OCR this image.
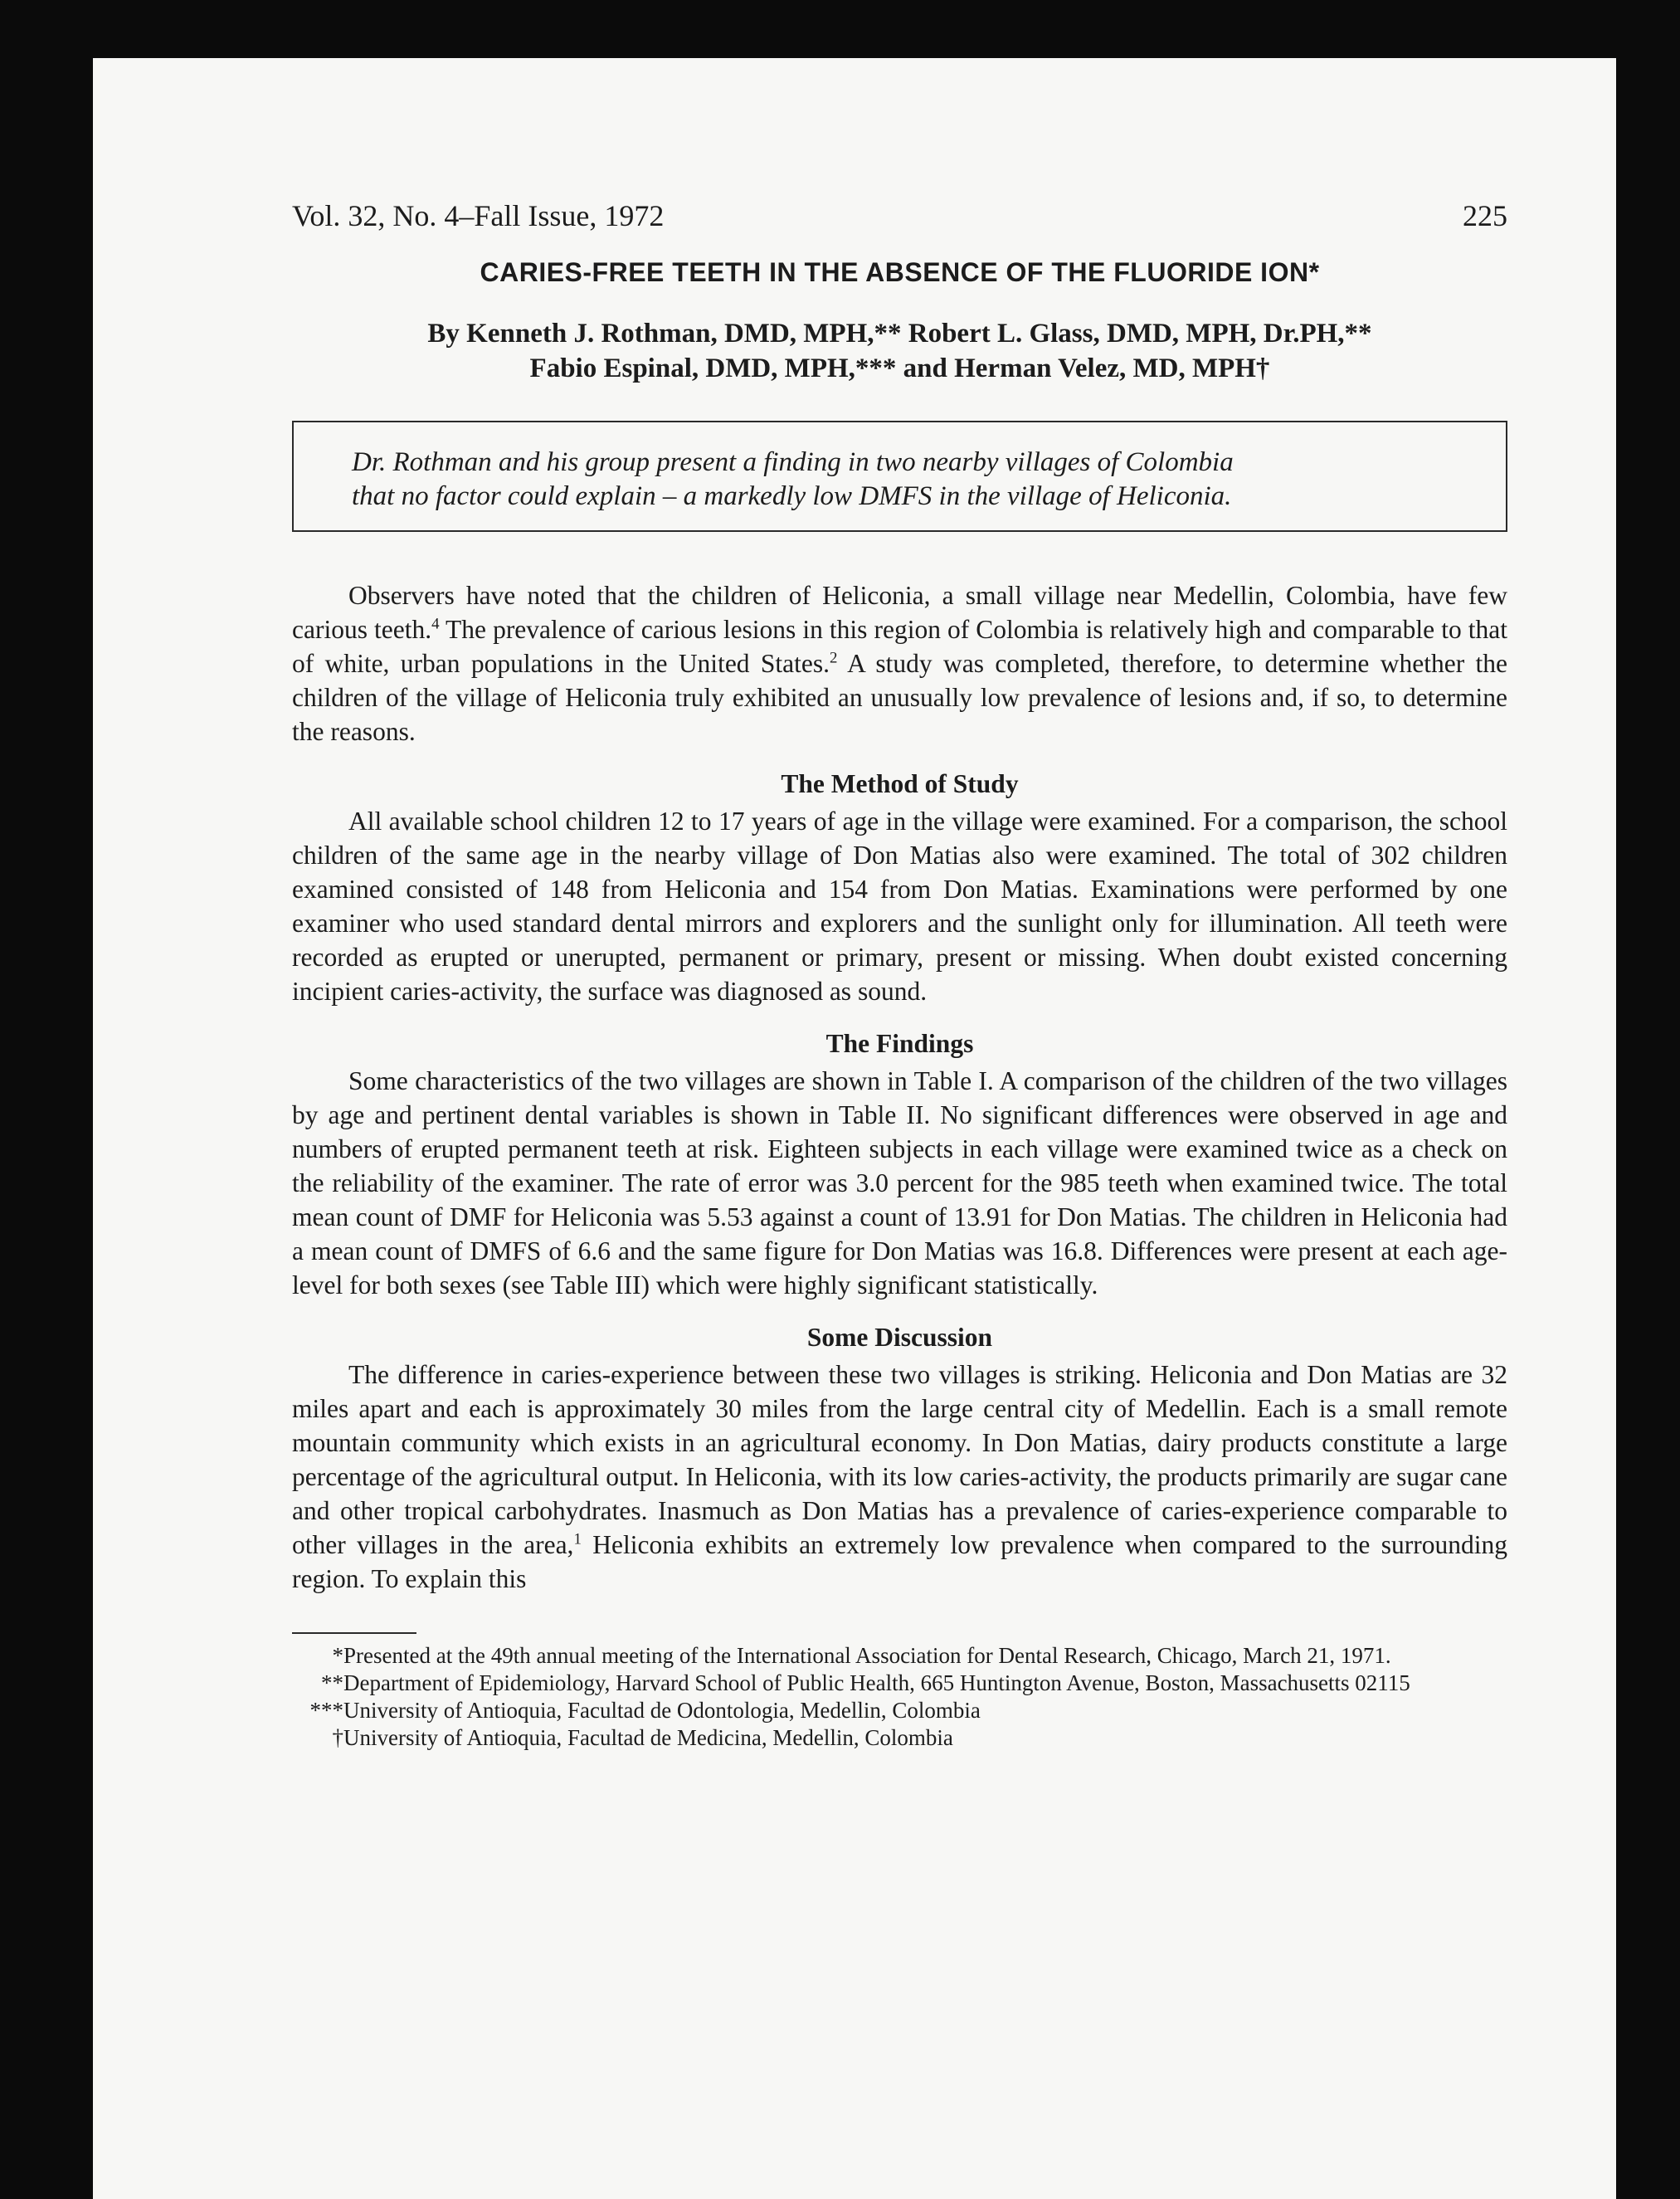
Vol. 32, No. 4–Fall Issue, 1972	225
CARIES-FREE TEETH IN THE ABSENCE OF THE FLUORIDE ION*
By Kenneth J. Rothman, DMD, MPH,** Robert L. Glass, DMD, MPH, Dr.PH,**
Fabio Espinal, DMD, MPH,*** and Herman Velez, MD, MPH†
Dr. Rothman and his group present a finding in two nearby villages of Colombia
that no factor could explain – a markedly low DMFS in the village of Heliconia.

Observers have noted that the children of Heliconia, a small village near Medellin, Colombia, have few carious teeth.$^4$ The prevalence of carious lesions in this region of Colombia is relatively high and comparable to that of white, urban populations in the United States.$^2$ A study was completed, therefore, to determine whether the children of the village of Heliconia truly exhibited an unusually low prevalence of lesions and, if so, to determine the reasons.

The Method of Study

All available school children 12 to 17 years of age in the village were examined. For a comparison, the school children of the same age in the nearby village of Don Matias also were examined. The total of 302 children examined consisted of 148 from Heliconia and 154 from Don Matias. Examinations were performed by one examiner who used standard dental mirrors and explorers and the sunlight only for illumination. All teeth were recorded as erupted or unerupted, permanent or primary, present or missing. When doubt existed concerning incipient caries-activity, the surface was diagnosed as sound.

The Findings

Some characteristics of the two villages are shown in Table I. A comparison of the children of the two villages by age and pertinent dental variables is shown in Table II. No significant differences were observed in age and numbers of erupted permanent teeth at risk. Eighteen subjects in each village were examined twice as a check on the reliability of the examiner. The rate of error was 3.0 percent for the 985 teeth when examined twice. The total mean count of DMF for Heliconia was 5.53 against a count of 13.91 for Don Matias. The children in Heliconia had a mean count of DMFS of 6.6 and the same figure for Don Matias was 16.8. Differences were present at each age-level for both sexes (see Table III) which were highly significant statistically.

Some Discussion

The difference in caries-experience between these two villages is striking. Heliconia and Don Matias are 32 miles apart and each is approximately 30 miles from the large central city of Medellin. Each is a small remote mountain community which exists in an agricultural economy. In Don Matias, dairy products constitute a large percentage of the agricultural output. In Heliconia, with its low caries-activity, the products primarily are sugar cane and other tropical carbohydrates. Inasmuch as Don Matias has a prevalence of caries-experience comparable to other villages in the area,$^1$ Heliconia exhibits an extremely low prevalence when compared to the surrounding region. To explain this

* Presented at the 49th annual meeting of the International Association for Dental Research, Chicago, March 21, 1971.
** Department of Epidemiology, Harvard School of Public Health, 665 Huntington Avenue, Boston, Massachusetts 02115
*** University of Antioquia, Facultad de Odontologia, Medellin, Colombia
† University of Antioquia, Facultad de Medicina, Medellin, Colombia
